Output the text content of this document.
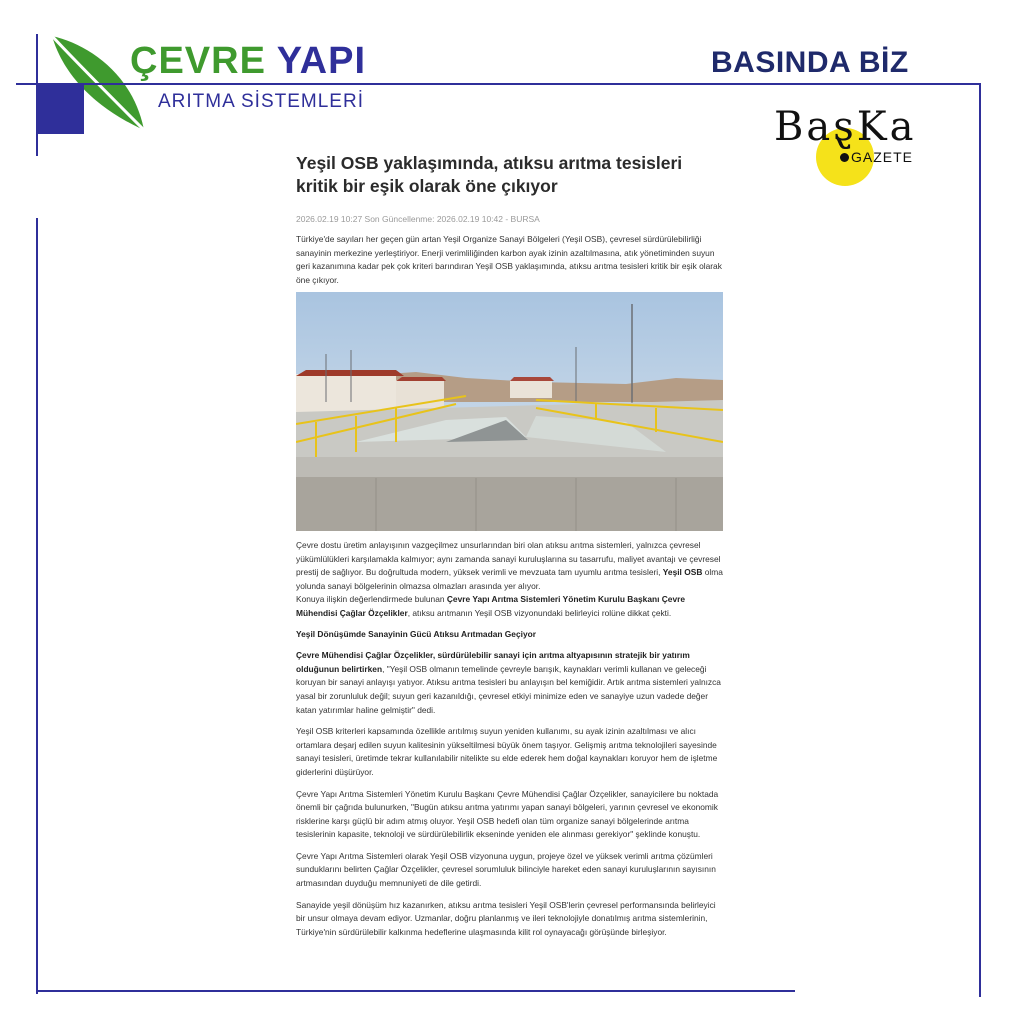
ÇEVRE YAPI
ARITMA SİSTEMLERİ
BASINDA BİZ
BaȿKa
GAZETE
Yeşil OSB yaklaşımında, atıksu arıtma tesisleri kritik bir eşik olarak öne çıkıyor
2026.02.19 10:27 Son Güncellenme: 2026.02.19 10:42 - BURSA

Türkiye'de sayıları her geçen gün artan Yeşil Organize Sanayi Bölgeleri (Yeşil OSB), çevresel sürdürülebilirliği sanayinin merkezine yerleştiriyor. Enerji verimliliğinden karbon ayak izinin azaltılmasına, atık yönetiminden suyun geri kazanımına kadar pek çok kriteri barındıran Yeşil OSB yaklaşımında, atıksu arıtma tesisleri kritik bir eşik olarak öne çıkıyor.

Çevre dostu üretim anlayışının vazgeçilmez unsurlarından biri olan atıksu arıtma sistemleri, yalnızca çevresel yükümlülükleri karşılamakla kalmıyor; aynı zamanda sanayi kuruluşlarına su tasarrufu, maliyet avantajı ve çevresel prestij de sağlıyor. Bu doğrultuda modern, yüksek verimli ve mevzuata tam uyumlu arıtma tesisleri, Yeşil OSB olma yolunda sanayi bölgelerinin olmazsa olmazları arasında yer alıyor.

Konuya ilişkin değerlendirmede bulunan Çevre Yapı Arıtma Sistemleri Yönetim Kurulu Başkanı Çevre Mühendisi Çağlar Özçelikler, atıksu arıtmanın Yeşil OSB vizyonundaki belirleyici rolüne dikkat çekti.

Yeşil Dönüşümde Sanayinin Gücü Atıksu Arıtmadan Geçiyor

Çevre Mühendisi Çağlar Özçelikler, sürdürülebilir sanayi için arıtma altyapısının stratejik bir yatırım olduğunun belirtirken, "Yeşil OSB olmanın temelinde çevreyle barışık, kaynakları verimli kullanan ve geleceği koruyan bir sanayi anlayışı yatıyor. Atıksu arıtma tesisleri bu anlayışın bel kemiğidir. Artık arıtma sistemleri yalnızca yasal bir zorunluluk değil; suyun geri kazanıldığı, çevresel etkiyi minimize eden ve sanayiye uzun vadede değer katan yatırımlar haline gelmiştir" dedi.

Yeşil OSB kriterleri kapsamında özellikle arıtılmış suyun yeniden kullanımı, su ayak izinin azaltılması ve alıcı ortamlara deşarj edilen suyun kalitesinin yükseltilmesi büyük önem taşıyor. Gelişmiş arıtma teknolojileri sayesinde sanayi tesisleri, üretimde tekrar kullanılabilir nitelikte su elde ederek hem doğal kaynakları koruyor hem de işletme giderlerini düşürüyor.

Çevre Yapı Arıtma Sistemleri Yönetim Kurulu Başkanı Çevre Mühendisi Çağlar Özçelikler, sanayicilere bu noktada önemli bir çağrıda bulunurken, "Bugün atıksu arıtma yatırımı yapan sanayi bölgeleri, yarının çevresel ve ekonomik risklerine karşı güçlü bir adım atmış oluyor. Yeşil OSB hedefi olan tüm organize sanayi bölgelerinde arıtma tesislerinin kapasite, teknoloji ve sürdürülebilirlik ekseninde yeniden ele alınması gerekiyor" şeklinde konuştu.

Çevre Yapı Arıtma Sistemleri olarak Yeşil OSB vizyonuna uygun, projeye özel ve yüksek verimli arıtma çözümleri sunduklarını belirten Çağlar Özçelikler, çevresel sorumluluk bilinciyle hareket eden sanayi kuruluşlarının sayısının artmasından duyduğu memnuniyeti de dile getirdi.

Sanayide yeşil dönüşüm hız kazanırken, atıksu arıtma tesisleri Yeşil OSB'lerin çevresel performansında belirleyici bir unsur olmaya devam ediyor. Uzmanlar, doğru planlanmış ve ileri teknolojiyle donatılmış arıtma sistemlerinin, Türkiye'nin sürdürülebilir kalkınma hedeflerine ulaşmasında kilit rol oynayacağı görüşünde birleşiyor.
